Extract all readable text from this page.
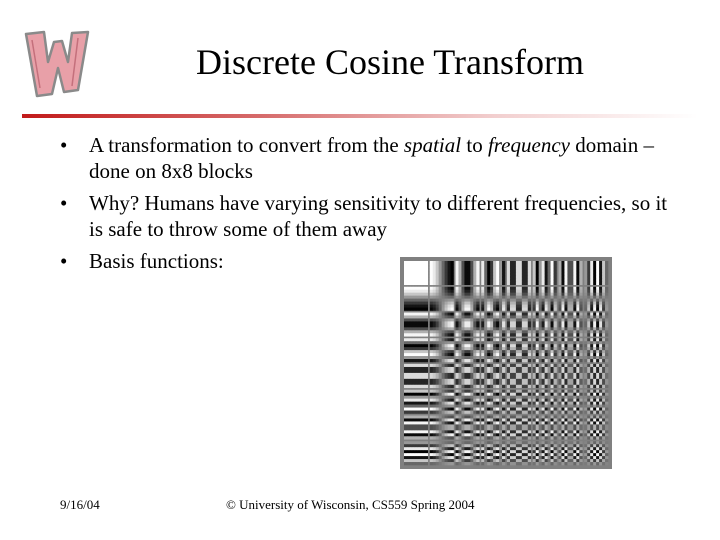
Discrete Cosine Transform
• A transformation to convert from the spatial to frequency domain – done on 8x8 blocks
• Why? Humans have varying sensitivity to different frequencies, so it is safe to throw some of them away
• Basis functions:
9/16/04	© University of Wisconsin, CS559 Spring 2004
